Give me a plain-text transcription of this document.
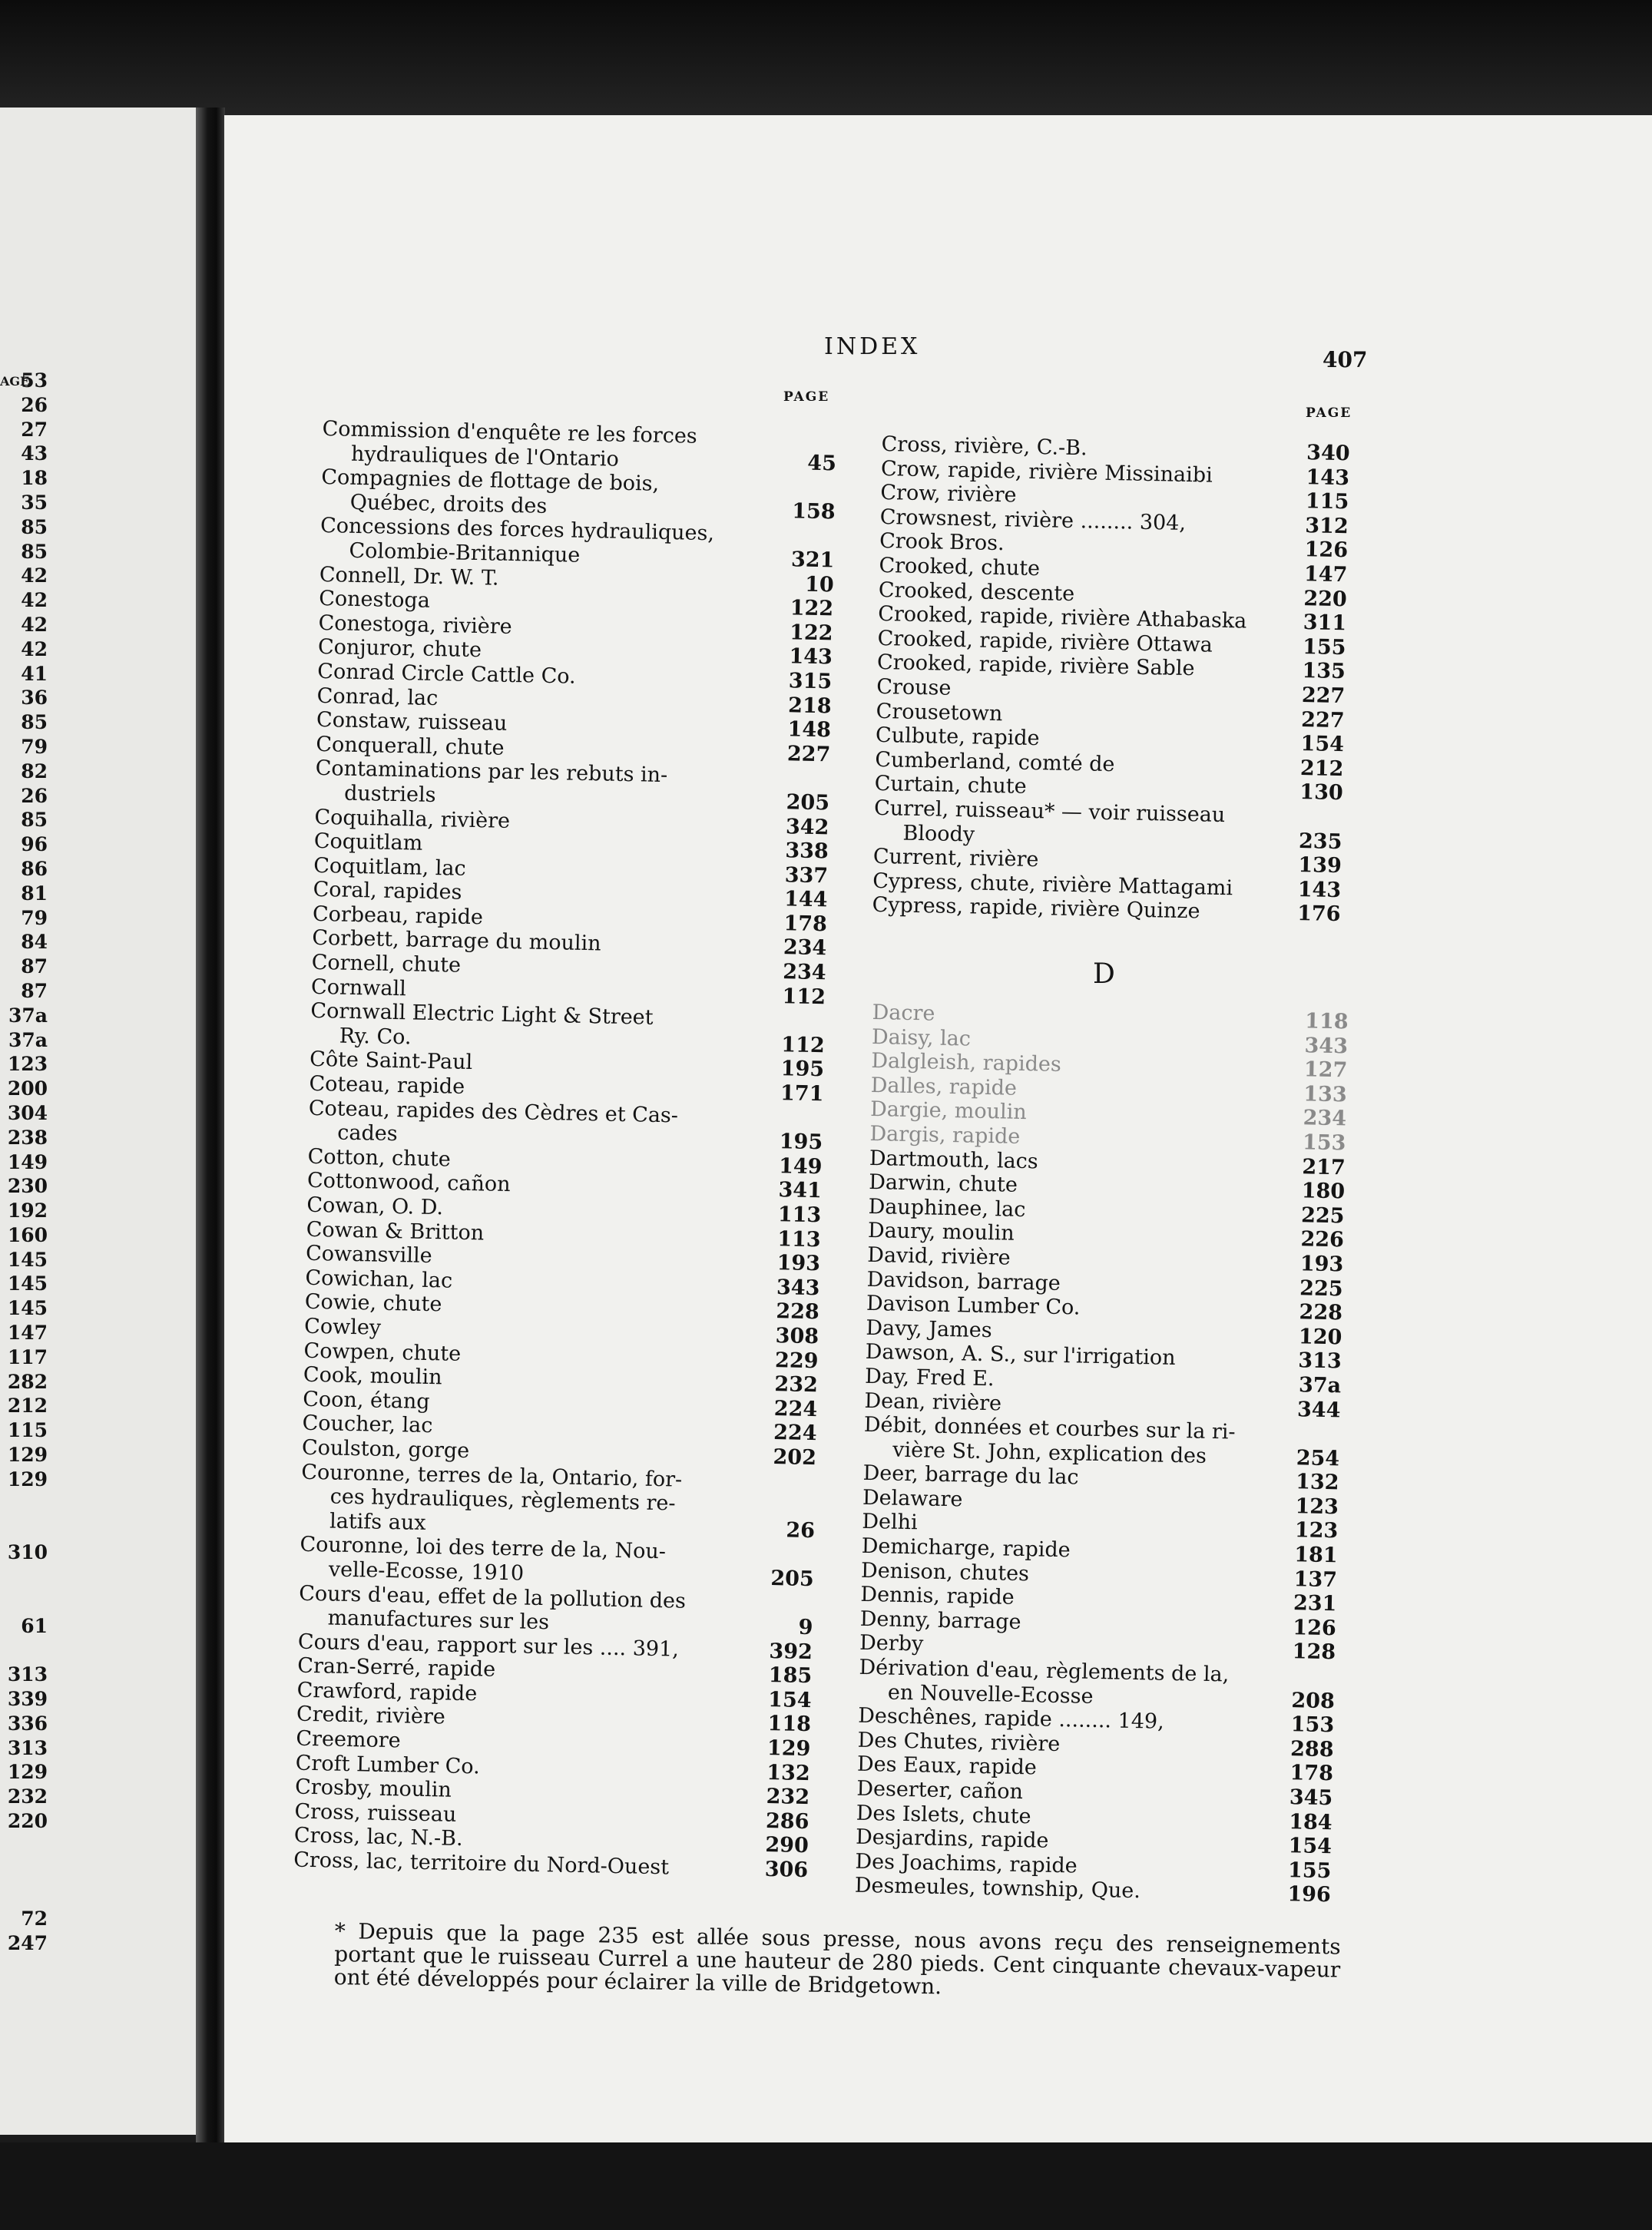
AGE
53
26
27
43
18
35
85
85
42
42
42
42
41
36
85
79
82
26
85
96
86
81
79
84
87
87
37a
37a
123
200
304
238
149
230
192
160
145
145
145
147
117
282
212
115
129
129
310
61
313
339
336
313
129
232
220
72
247
INDEX	407
PAGE
PAGE
Commission d'enquête re les forces
hydrauliques de l'Ontario	45
Compagnies de flottage de bois,
Québec, droits des	158
Concessions des forces hydrauliques,
Colombie-Britannique	321
Connell, Dr. W. T.	10
Conestoga	122
Conestoga, rivière	122
Conjuror, chute	143
Conrad Circle Cattle Co.	315
Conrad, lac	218
Constaw, ruisseau	148
Conquerall, chute	227
Contaminations par les rebuts in-
dustriels	205
Coquihalla, rivière	342
Coquitlam	338
Coquitlam, lac	337
Coral, rapides	144
Corbeau, rapide	178
Corbett, barrage du moulin	234
Cornell, chute	234
Cornwall	112
Cornwall Electric Light & Street
Ry. Co.	112
Côte Saint-Paul	195
Coteau, rapide	171
Coteau, rapides des Cèdres et Cas-
cades	195
Cotton, chute	149
Cottonwood, cañon	341
Cowan, O. D.	113
Cowan & Britton	113
Cowansville	193
Cowichan, lac	343
Cowie, chute	228
Cowley	308
Cowpen, chute	229
Cook, moulin	232
Coon, étang	224
Coucher, lac	224
Coulston, gorge	202
Couronne, terres de la, Ontario, for-
ces hydrauliques, règlements re-
latifs aux	26
Couronne, loi des terre de la, Nou-
velle-Ecosse, 1910	205
Cours d'eau, effet de la pollution des
manufactures sur les	9
Cours d'eau, rapport sur les .... 391,	392
Cran-Serré, rapide	185
Crawford, rapide	154
Credit, rivière	118
Creemore	129
Croft Lumber Co.	132
Crosby, moulin	232
Cross, ruisseau	286
Cross, lac, N.-B.	290
Cross, lac, territoire du Nord-Ouest	306
Cross, rivière, C.-B.	340
Crow, rapide, rivière Missinaibi	143
Crow, rivière	115
Crowsnest, rivière ........ 304,	312
Crook Bros.	126
Crooked, chute	147
Crooked, descente	220
Crooked, rapide, rivière Athabaska	311
Crooked, rapide, rivière Ottawa	155
Crooked, rapide, rivière Sable	135
Crouse	227
Crousetown	227
Culbute, rapide	154
Cumberland, comté de	212
Curtain, chute	130
Currel, ruisseau* — voir ruisseau
Bloody	235
Current, rivière	139
Cypress, chute, rivière Mattagami	143
Cypress, rapide, rivière Quinze	176
D
Dacre	118
Daisy, lac	343
Dalgleish, rapides	127
Dalles, rapide	133
Dargie, moulin	234
Dargis, rapide	153
Dartmouth, lacs	217
Darwin, chute	180
Dauphinee, lac	225
Daury, moulin	226
David, rivière	193
Davidson, barrage	225
Davison Lumber Co.	228
Davy, James	120
Dawson, A. S., sur l'irrigation	313
Day, Fred E.	37a
Dean, rivière	344
Débit, données et courbes sur la ri-
vière St. John, explication des	254
Deer, barrage du lac	132
Delaware	123
Delhi	123
Demicharge, rapide	181
Denison, chutes	137
Dennis, rapide	231
Denny, barrage	126
Derby	128
Dérivation d'eau, règlements de la,
en Nouvelle-Ecosse	208
Deschênes, rapide ........ 149,	153
Des Chutes, rivière	288
Des Eaux, rapide	178
Deserter, cañon	345
Des Islets, chute	184
Desjardins, rapide	154
Des Joachims, rapide	155
Desmeules, township, Que.	196
* Depuis que la page 235 est allée sous presse, nous avons reçu des renseignements portant que le ruisseau Currel a une hauteur de 280 pieds. Cent cinquante chevaux-vapeur ont été développés pour éclairer la ville de Bridgetown.
